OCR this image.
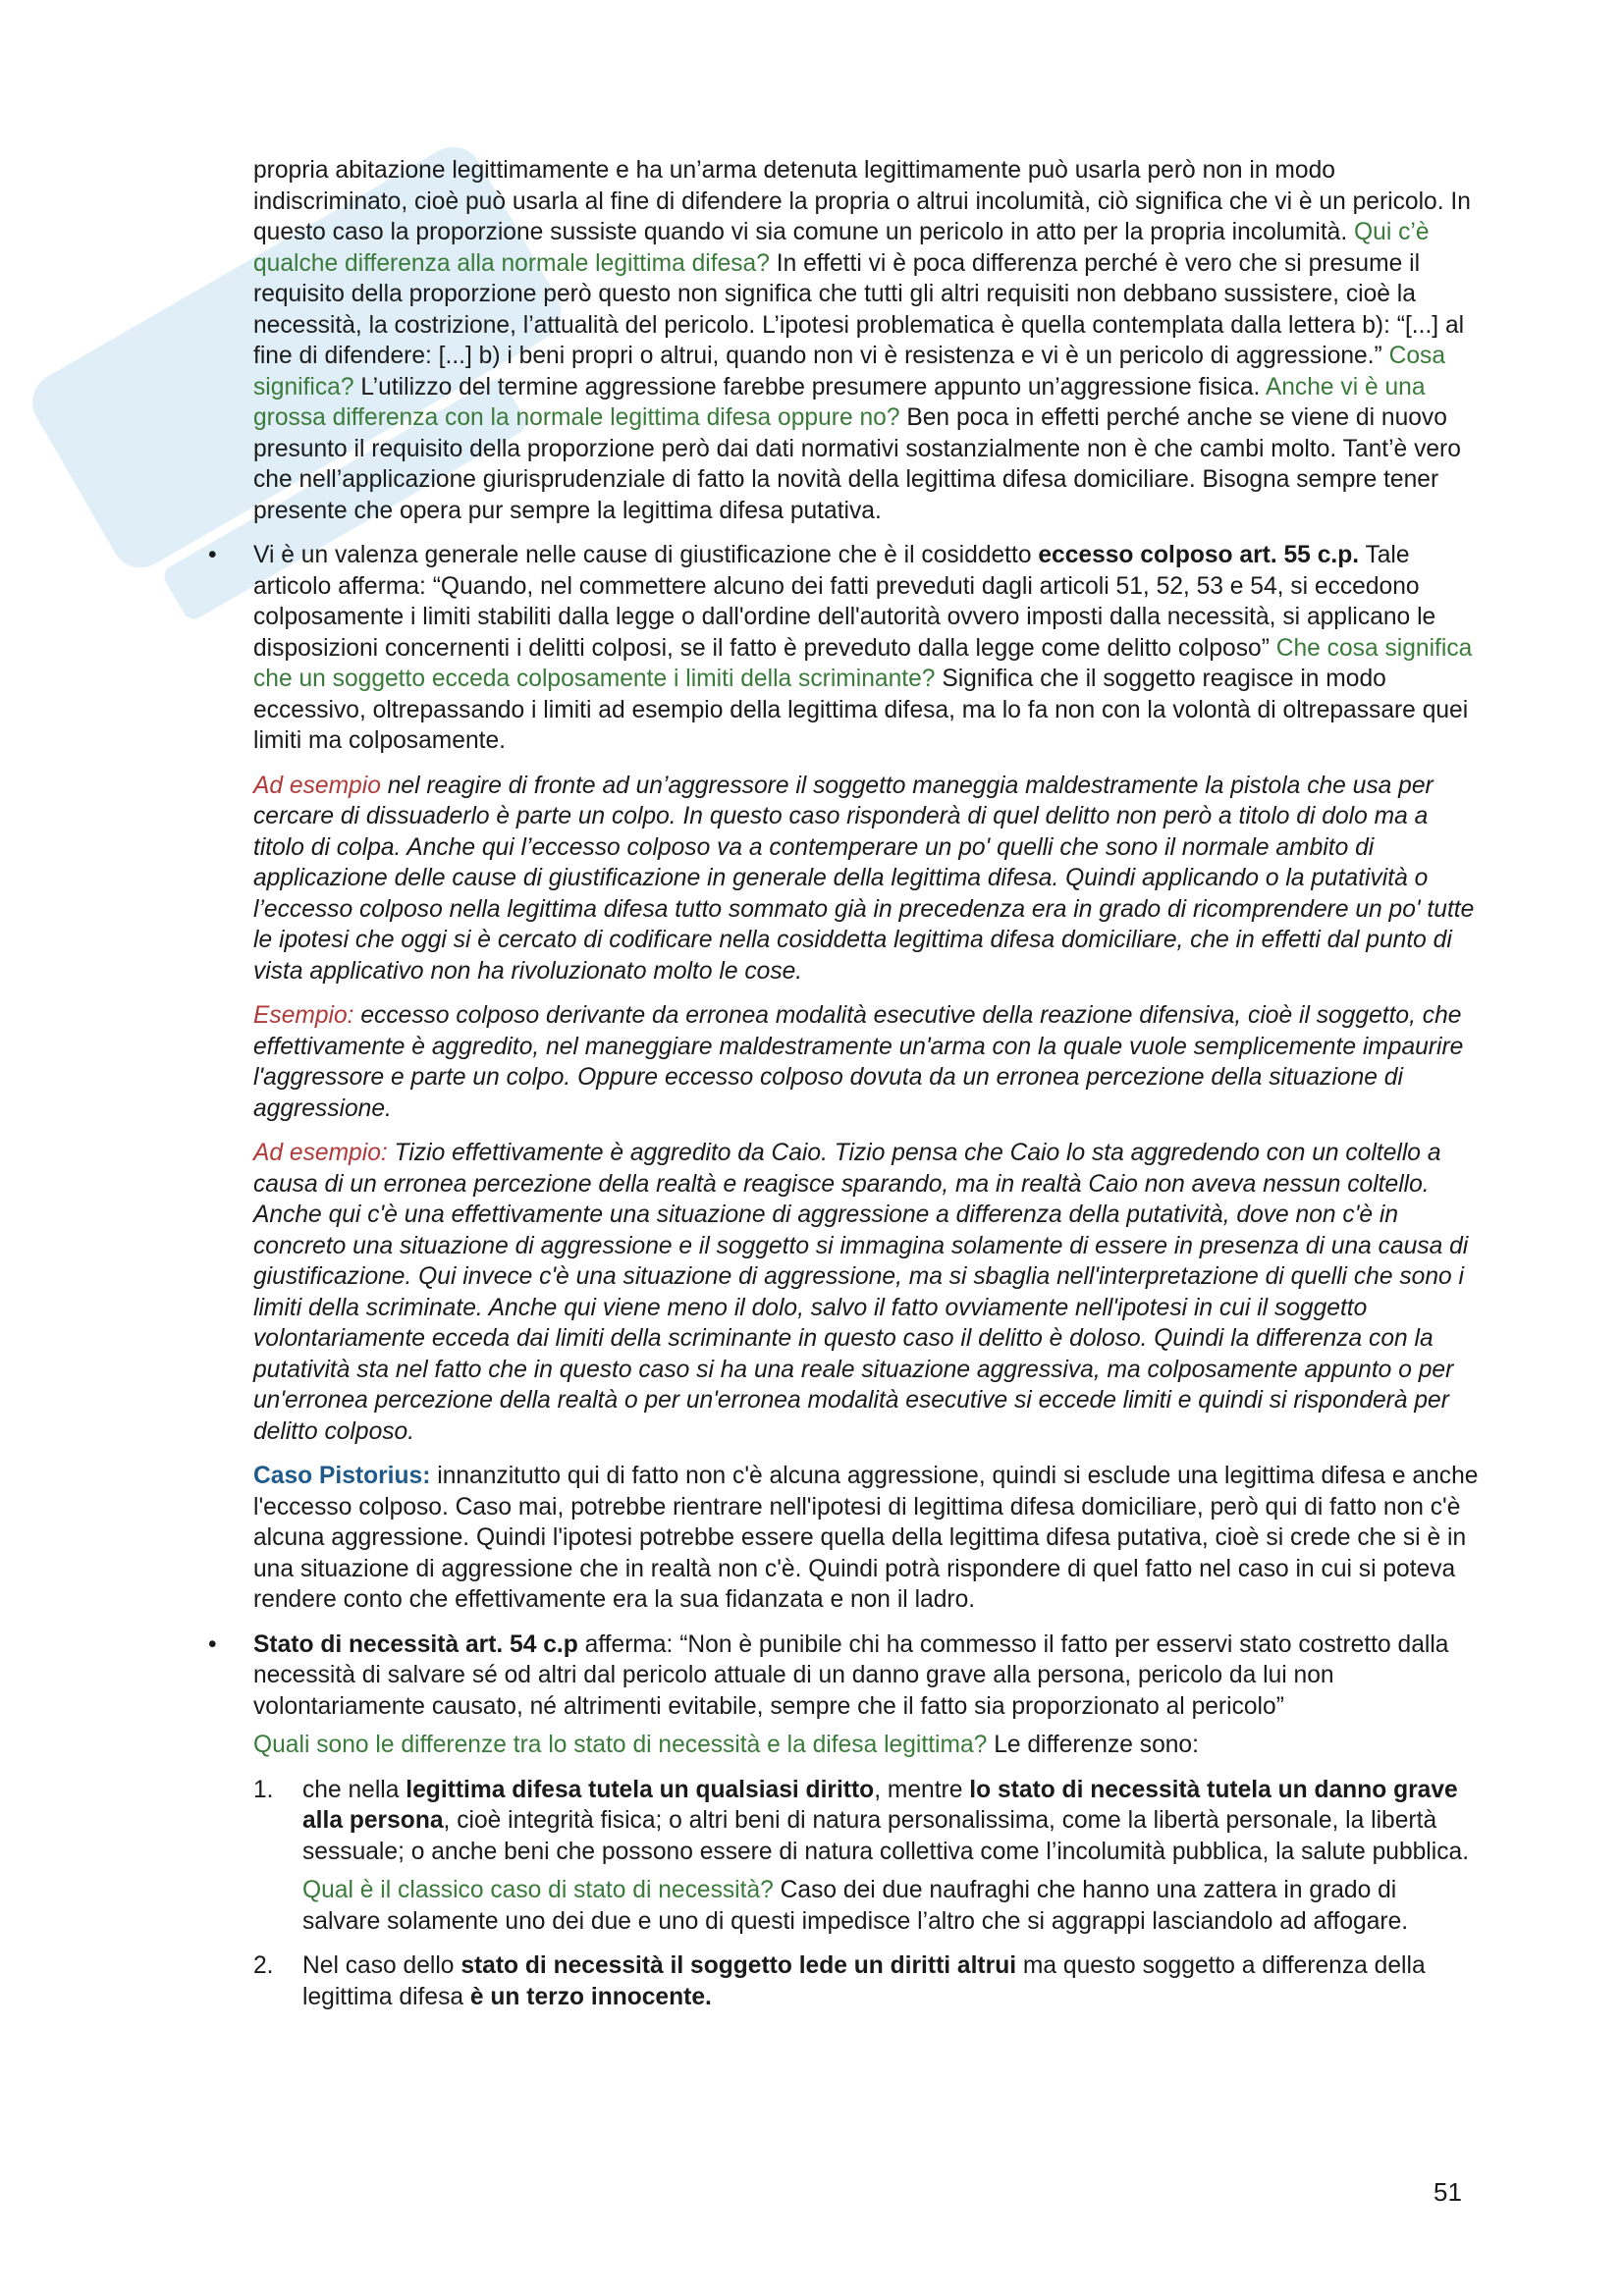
propria abitazione legittimamente e ha un’arma detenuta legittimamente può usarla però non in modo indiscriminato, cioè può usarla al fine di difendere la propria o altrui incolumità, ciò significa che vi è un pericolo. In questo caso la proporzione sussiste quando vi sia comune un pericolo in atto per la propria incolumità. Qui c’è qualche differenza alla normale legittima difesa? In effetti vi è poca differenza perché è vero che si presume il requisito della proporzione però questo non significa che tutti gli altri requisiti non debbano sussistere, cioè la necessità, la costrizione, l’attualità del pericolo. L’ipotesi problematica è quella contemplata dalla lettera b): “[...] al fine di difendere: [...] b) i beni propri o altrui, quando non vi è resistenza e vi è un pericolo di aggressione.” Cosa significa? L’utilizzo del termine aggressione farebbe presumere appunto un’aggressione fisica. Anche vi è una grossa differenza con la normale legittima difesa oppure no? Ben poca in effetti perché anche se viene di nuovo presunto il requisito della proporzione però dai dati normativi sostanzialmente non è che cambi molto. Tant’è vero che nell’applicazione giurisprudenziale di fatto la novità della legittima difesa domiciliare. Bisogna sempre tener presente che opera pur sempre la legittima difesa putativa.

• Vi è un valenza generale nelle cause di giustificazione che è il cosiddetto eccesso colposo art. 55 c.p. Tale articolo afferma: “Quando, nel commettere alcuno dei fatti preveduti dagli articoli 51, 52, 53 e 54, si eccedono colposamente i limiti stabiliti dalla legge o dall'ordine dell'autorità ovvero imposti dalla necessità, si applicano le disposizioni concernenti i delitti colposi, se il fatto è preveduto dalla legge come delitto colposo” Che cosa significa che un soggetto ecceda colposamente i limiti della scriminante? Significa che il soggetto reagisce in modo eccessivo, oltrepassando i limiti ad esempio della legittima difesa, ma lo fa non con la volontà di oltrepassare quei limiti ma colposamente.

Ad esempio nel reagire di fronte ad un’aggressore il soggetto maneggia maldestramente la pistola che usa per cercare di dissuaderlo è parte un colpo. In questo caso risponderà di quel delitto non però a titolo di dolo ma a titolo di colpa. Anche qui l’eccesso colposo va a contemperare un po' quelli che sono il normale ambito di applicazione delle cause di giustificazione in generale della legittima difesa. Quindi applicando o la putatività o l’eccesso colposo nella legittima difesa tutto sommato già in precedenza era in grado di ricomprendere un po' tutte le ipotesi che oggi si è cercato di codificare nella cosiddetta legittima difesa domiciliare, che in effetti dal punto di vista applicativo non ha rivoluzionato molto le cose.

Esempio: eccesso colposo derivante da erronea modalità esecutive della reazione difensiva, cioè il soggetto, che effettivamente è aggredito, nel maneggiare maldestramente un'arma con la quale vuole semplicemente impaurire l'aggressore e parte un colpo. Oppure eccesso colposo dovuta da un erronea percezione della situazione di aggressione.

Ad esempio: Tizio effettivamente è aggredito da Caio. Tizio pensa che Caio lo sta aggredendo con un coltello a causa di un erronea percezione della realtà e reagisce sparando, ma in realtà Caio non aveva nessun coltello. Anche qui c'è una effettivamente una situazione di aggressione a differenza della putatività, dove non c'è in concreto una situazione di aggressione e il soggetto si immagina solamente di essere in presenza di una causa di giustificazione. Qui invece c'è una situazione di aggressione, ma si sbaglia nell'interpretazione di quelli che sono i limiti della scriminate. Anche qui viene meno il dolo, salvo il fatto ovviamente nell'ipotesi in cui il soggetto volontariamente ecceda dai limiti della scriminante in questo caso il delitto è doloso. Quindi la differenza con la putatività sta nel fatto che in questo caso si ha una reale situazione aggressiva, ma colposamente appunto o per un'erronea percezione della realtà o per un'erronea modalità esecutive si eccede limiti e quindi si risponderà per delitto colposo.

Caso Pistorius: innanzitutto qui di fatto non c'è alcuna aggressione, quindi si esclude una legittima difesa e anche l'eccesso colposo. Caso mai, potrebbe rientrare nell'ipotesi di legittima difesa domiciliare, però qui di fatto non c'è alcuna aggressione. Quindi l'ipotesi potrebbe essere quella della legittima difesa putativa, cioè si crede che si è in una situazione di aggressione che in realtà non c'è. Quindi potrà rispondere di quel fatto nel caso in cui si poteva rendere conto che effettivamente era la sua fidanzata e non il ladro.

• Stato di necessità art. 54 c.p afferma: “Non è punibile chi ha commesso il fatto per esservi stato costretto dalla necessità di salvare sé od altri dal pericolo attuale di un danno grave alla persona, pericolo da lui non volontariamente causato, né altrimenti evitabile, sempre che il fatto sia proporzionato al pericolo”

Quali sono le differenze tra lo stato di necessità e la difesa legittima? Le differenze sono:

1. che nella legittima difesa tutela un qualsiasi diritto, mentre lo stato di necessità tutela un danno grave alla persona, cioè integrità fisica; o altri beni di natura personalissima, come la libertà personale, la libertà sessuale; o anche beni che possono essere di natura collettiva come l’incolumità pubblica, la salute pubblica.

Qual è il classico caso di stato di necessità? Caso dei due naufraghi che hanno una zattera in grado di salvare solamente uno dei due e uno di questi impedisce l’altro che si aggrappi lasciandolo ad affogare.

2. Nel caso dello stato di necessità il soggetto lede un diritti altrui ma questo soggetto a differenza della legittima difesa è un terzo innocente.

51
